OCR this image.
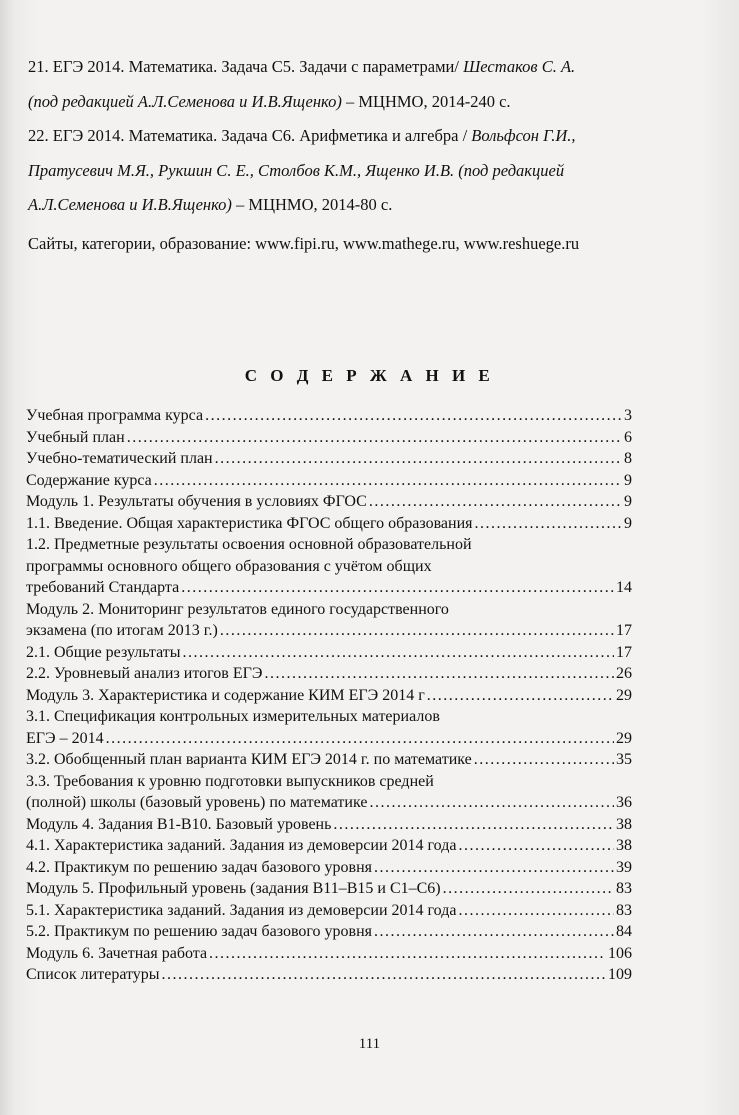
21. ЕГЭ 2014. Математика. Задача С5. Задачи с параметрами/ Шестаков С. А.

(под редакцией А.Л.Семенова и И.В.Ященко) – МЦНМО, 2014-240 с.

22. ЕГЭ 2014. Математика. Задача С6. Арифметика и алгебра / Вольфсон Г.И.,

Пратусевич М.Я., Рукшин С. Е., Столбов К.М., Ященко И.В. (под редакцией

А.Л.Семенова и И.В.Ященко) – МЦНМО, 2014-80 с.

Сайты, категории, образование: www.fipi.ru, www.mathege.ru, www.reshuege.ru

С О Д Е Р Ж А Н И Е
Учебная программа курса .....	3
Учебный план .....	6
Учебно-тематический план .....	8
Содержание курса .....	9
Модуль 1. Результаты обучения в условиях ФГОС .....	9
1.1. Введение. Общая характеристика ФГОС общего образования .....	9
1.2. Предметные результаты освоения основной образовательной
программы основного общего образования с учётом общих
требований Стандарта .....	14
Модуль 2. Мониторинг результатов единого государственного
экзамена (по итогам 2013 г.) .....	17
2.1. Общие результаты .....	17
2.2. Уровневый анализ итогов ЕГЭ .....	26
Модуль 3. Характеристика и содержание КИМ ЕГЭ 2014 г .....	29
3.1. Спецификация контрольных измерительных материалов
ЕГЭ – 2014 .....	29
3.2. Обобщенный план варианта КИМ ЕГЭ 2014 г. по математике .....	35
3.3. Требования к уровню подготовки выпускников средней
(полной) школы (базовый уровень) по математике .....	36
Модуль 4. Задания В1-В10. Базовый уровень .....	38
4.1. Характеристика заданий. Задания из демоверсии 2014 года .....	38
4.2. Практикум по решению задач базового уровня .....	39
Модуль 5. Профильный уровень (задания В11–В15 и С1–С6) .....	83
5.1. Характеристика заданий. Задания из демоверсии 2014 года .....	83
5.2. Практикум по решению задач базового уровня .....	84
Модуль 6. Зачетная работа .....	106
Список литературы .....	109
111
